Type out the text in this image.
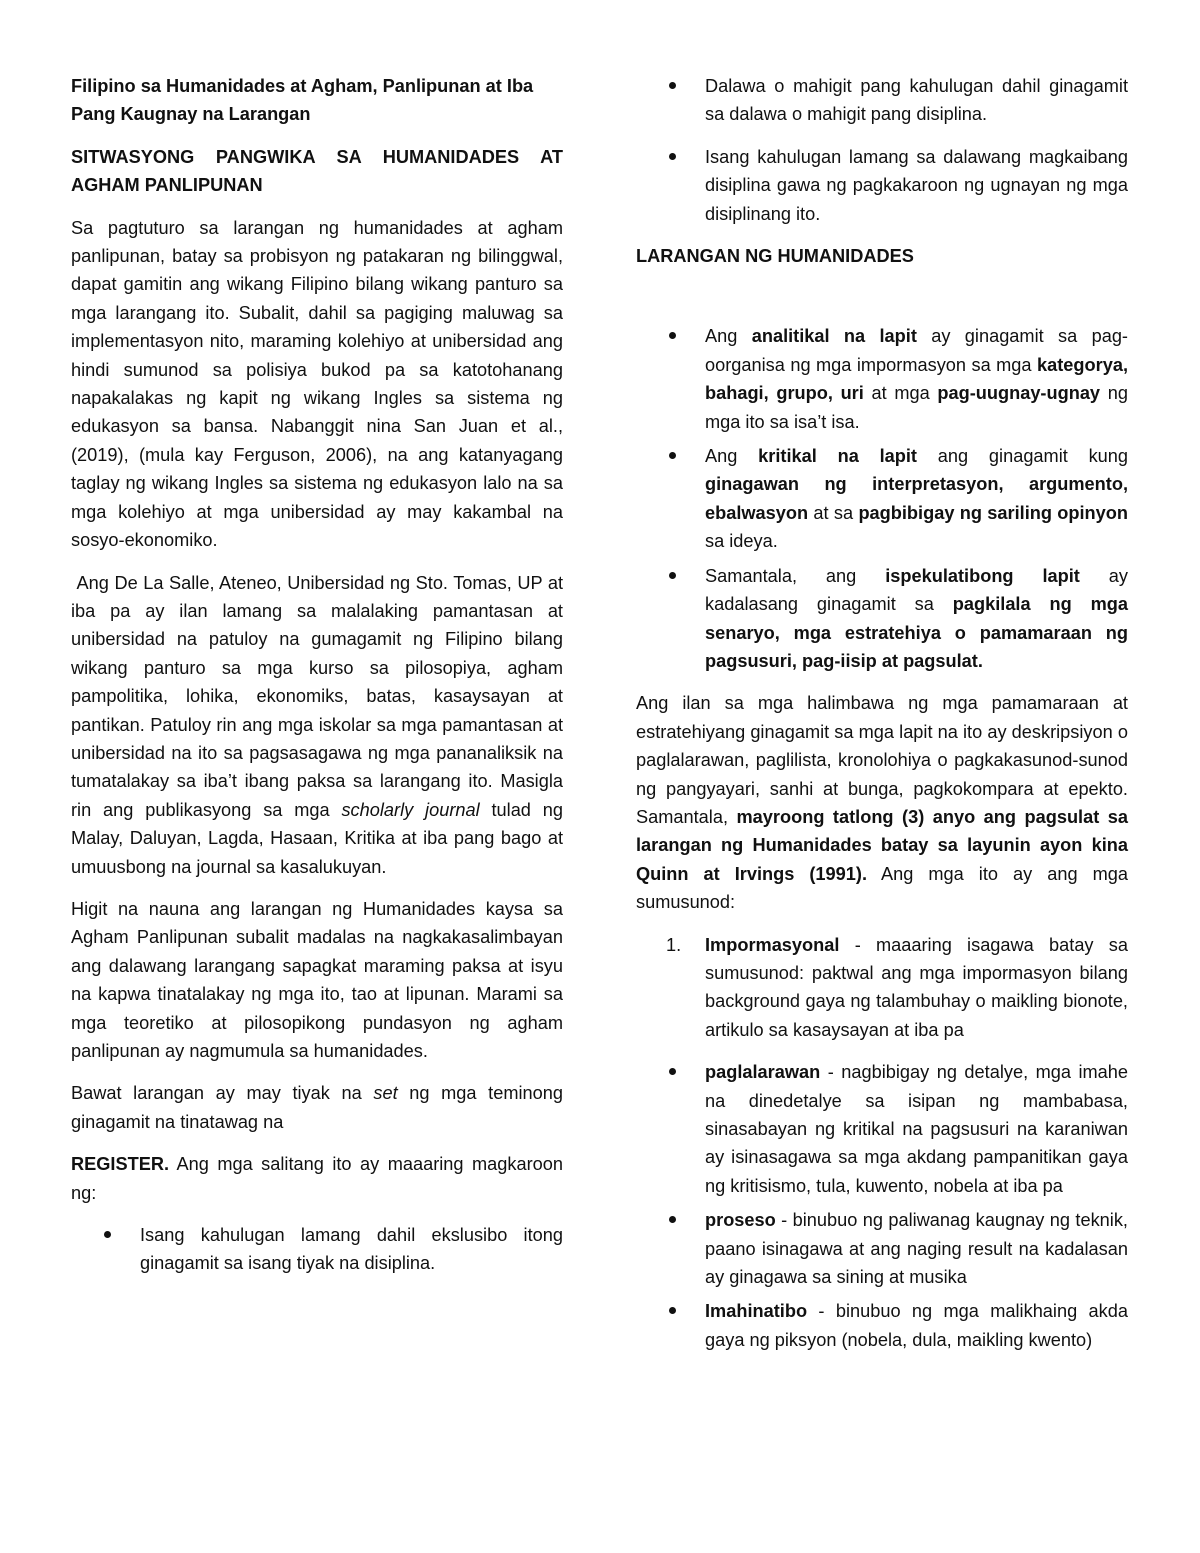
Filipino sa Humanidades at Agham, Panlipunan at Iba Pang Kaugnay na Larangan

SITWASYONG PANGWIKA SA HUMANIDADES AT AGHAM PANLIPUNAN

Sa pagtuturo sa larangan ng humanidades at agham panlipunan, batay sa probisyon ng patakaran ng bilinggwal, dapat gamitin ang wikang Filipino bilang wikang panturo sa mga larangang ito. Subalit, dahil sa pagiging maluwag sa implementasyon nito, maraming kolehiyo at unibersidad ang hindi sumunod sa polisiya bukod pa sa katotohanang napakalakas ng kapit ng wikang Ingles sa sistema ng edukasyon sa bansa. Nabanggit nina San Juan et al., (2019), (mula kay Ferguson, 2006), na ang katanyagang taglay ng wikang Ingles sa sistema ng edukasyon lalo na sa mga kolehiyo at mga unibersidad ay may kakambal na sosyo-ekonomiko.

Ang De La Salle, Ateneo, Unibersidad ng Sto. Tomas, UP at iba pa ay ilan lamang sa malalaking pamantasan at unibersidad na patuloy na gumagamit ng Filipino bilang wikang panturo sa mga kurso sa pilosopiya, agham pampolitika, lohika, ekonomiks, batas, kasaysayan at pantikan. Patuloy rin ang mga iskolar sa mga pamantasan at unibersidad na ito sa pagsasagawa ng mga pananaliksik na tumatalakay sa iba’t ibang paksa sa larangang ito. Masigla rin ang publikasyong sa mga scholarly journal tulad ng Malay, Daluyan, Lagda, Hasaan, Kritika at iba pang bago at umuusbong na journal sa kasalukuyan.

Higit na nauna ang larangan ng Humanidades kaysa sa Agham Panlipunan subalit madalas na nagkakasalimbayan ang dalawang larangang sapagkat maraming paksa at isyu na kapwa tinatalakay ng mga ito, tao at lipunan. Marami sa mga teoretiko at pilosopikong pundasyon ng agham panlipunan ay nagmumula sa humanidades.

Bawat larangan ay may tiyak na set ng mga teminong ginagamit na tinatawag na

REGISTER. Ang mga salitang ito ay maaaring magkaroon ng:

Isang kahulugan lamang dahil ekslusibo itong ginagamit sa isang tiyak na disiplina.
Dalawa o mahigit pang kahulugan dahil ginagamit sa dalawa o mahigit pang disiplina.
Isang kahulugan lamang sa dalawang magkaibang disiplina gawa ng pagkakaroon ng ugnayan ng mga disiplinang ito.

LARANGAN NG HUMANIDADES

Ang analitikal na lapit ay ginagamit sa pag-oorganisa ng mga impormasyon sa mga kategorya, bahagi, grupo, uri at mga pag-uugnay-ugnay ng mga ito sa isa’t isa.
Ang kritikal na lapit ang ginagamit kung ginagawan ng interpretasyon, argumento, ebalwasyon at sa pagbibigay ng sariling opinyon sa ideya.
Samantala, ang ispekulatibong lapit ay kadalasang ginagamit sa pagkilala ng mga senaryo, mga estratehiya o pamamaraan ng pagsusuri, pag-iisip at pagsulat.

Ang ilan sa mga halimbawa ng mga pamamaraan at estratehiyang ginagamit sa mga lapit na ito ay deskripsiyon o paglalarawan, paglilista, kronolohiya o pagkakasunod-sunod ng pangyayari, sanhi at bunga, pagkokompara at epekto. Samantala, mayroong tatlong (3) anyo ang pagsulat sa larangan ng Humanidades batay sa layunin ayon kina Quinn at Irvings (1991). Ang mga ito ay ang mga sumusunod:

1. Impormasyonal - maaaring isagawa batay sa sumusunod: paktwal ang mga impormasyon bilang background gaya ng talambuhay o maikling bionote, artikulo sa kasaysayan at iba pa
paglalarawan - nagbibigay ng detalye, mga imahe na dinedetalye sa isipan ng mambabasa, sinasabayan ng kritikal na pagsusuri na karaniwan ay isinasagawa sa mga akdang pampanitikan gaya ng kritisismo, tula, kuwento, nobela at iba pa
proseso - binubuo ng paliwanag kaugnay ng teknik, paano isinagawa at ang naging result na kadalasan ay ginagawa sa sining at musika
Imahinatibo - binubuo ng mga malikhaing akda gaya ng piksyon (nobela, dula, maikling kwento)
